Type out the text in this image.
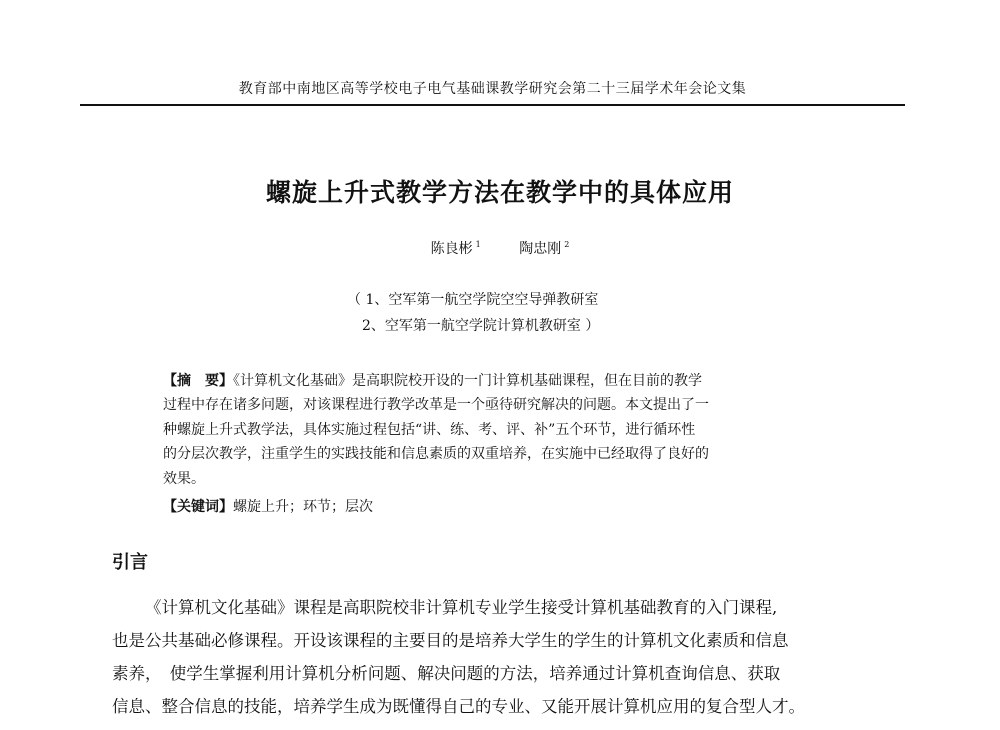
教育部中南地区高等学校电子电气基础课教学研究会第二十三届学术年会论文集
螺旋上升式教学方法在教学中的具体应用
陈良彬 $^1$	陶忠刚 $^2$
（ 1、空军第一航空学院空空导弹教研室
2、空军第一航空学院计算机教研室 ）
【摘　要】《计算机文化基础》是高职院校开设的一门计算机基础课程，但在目前的教学
过程中存在诸多问题，对该课程进行教学改革是一个亟待研究解决的问题。本文提出了一
种螺旋上升式教学法，具体实施过程包括“讲、练、考、评、补”五个环节，进行循环性
的分层次教学，注重学生的实践技能和信息素质的双重培养，在实施中已经取得了良好的
效果。
【关键词】螺旋上升；环节；层次
引言
《计算机文化基础》课程是高职院校非计算机专业学生接受计算机基础教育的入门课程,
也是公共基础必修课程。开设该课程的主要目的是培养大学生的学生的计算机文化素质和信息
素养，　使学生掌握利用计算机分析问题、解决问题的方法，培养通过计算机查询信息、获取
信息、整合信息的技能，培养学生成为既懂得自己的专业、又能开展计算机应用的复合型人才。
